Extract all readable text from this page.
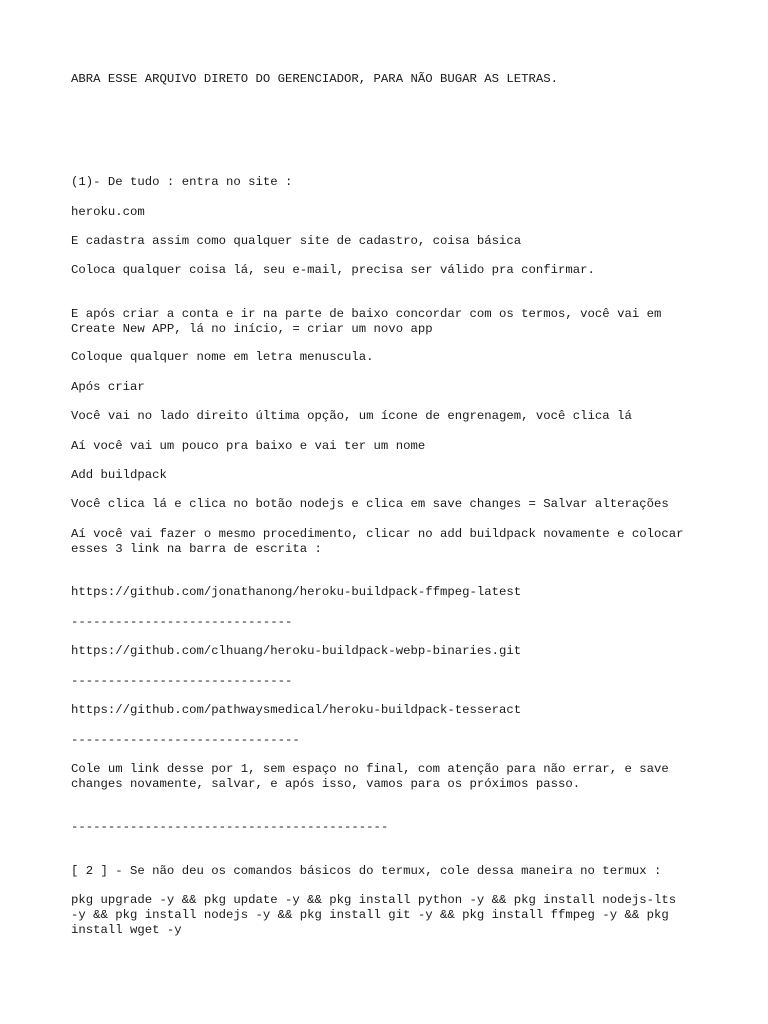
ABRA ESSE ARQUIVO DIRETO DO GERENCIADOR, PARA NÃO BUGAR AS LETRAS.

(1)- De tudo : entra no site :

heroku.com

E cadastra assim como qualquer site de cadastro, coisa básica

Coloca qualquer coisa lá, seu e-mail, precisa ser válido pra confirmar.

E após criar a conta e ir na parte de baixo concordar com os termos, você vai em
Create New APP, lá no início, = criar um novo app

Coloque qualquer nome em letra menuscula.

Após criar

Você vai no lado direito última opção, um ícone de engrenagem, você clica lá

Aí você vai um pouco pra baixo e vai ter um nome

Add buildpack

Você clica lá e clica no botão nodejs e clica em save changes = Salvar alterações

Aí você vai fazer o mesmo procedimento, clicar no add buildpack novamente e colocar
esses 3 link na barra de escrita :

https://github.com/jonathanong/heroku-buildpack-ffmpeg-latest

------------------------------

https://github.com/clhuang/heroku-buildpack-webp-binaries.git

------------------------------

https://github.com/pathwaysmedical/heroku-buildpack-tesseract

-------------------------------

Cole um link desse por 1, sem espaço no final, com atenção para não errar, e save
changes novamente, salvar, e após isso, vamos para os próximos passo.

-------------------------------------------

[ 2 ] - Se não deu os comandos básicos do termux, cole dessa maneira no termux :

pkg upgrade -y && pkg update -y && pkg install python -y && pkg install nodejs-lts
-y && pkg install nodejs -y && pkg install git -y && pkg install ffmpeg -y && pkg
install wget -y
